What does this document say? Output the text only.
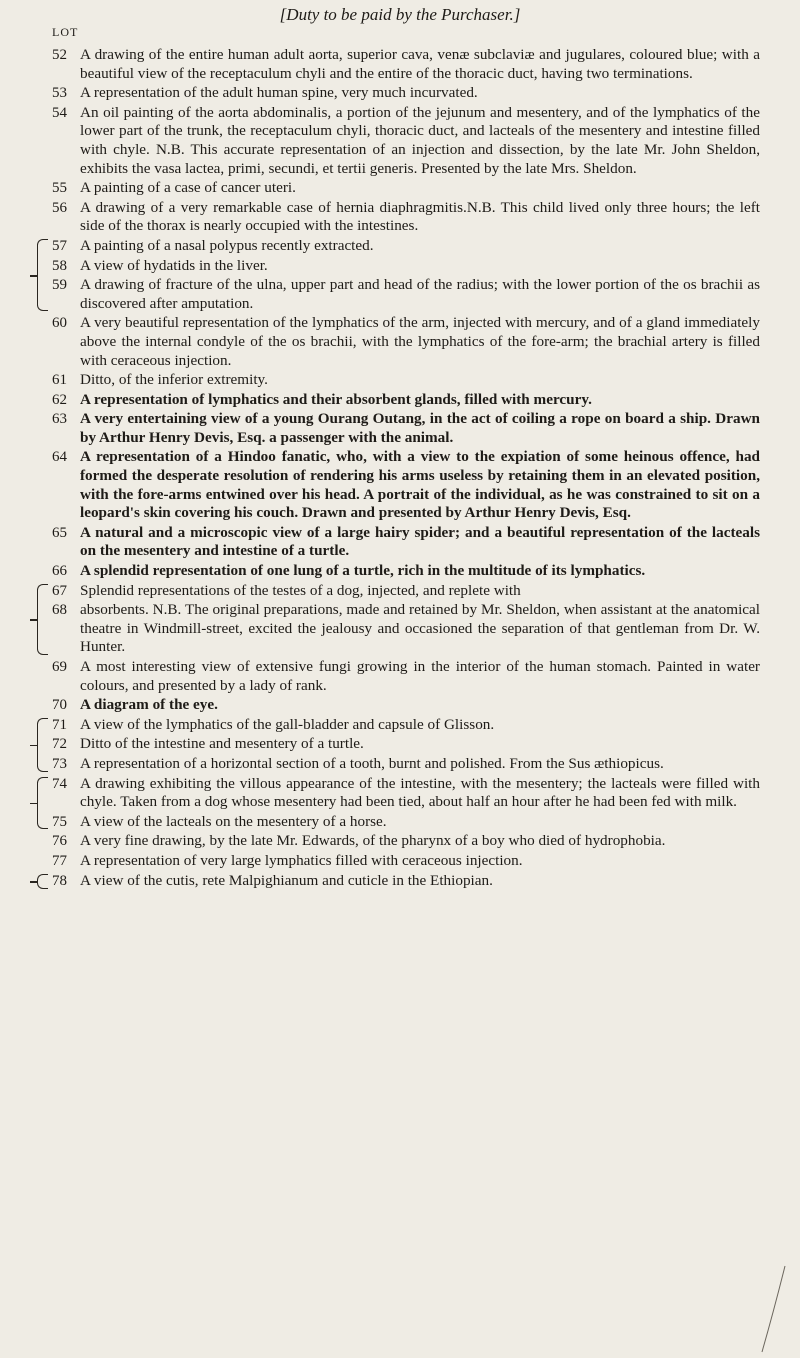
[Duty to be paid by the Purchaser.]
LOT
52 A drawing of the entire human adult aorta, superior cava, venæ subclaviæ and jugulares, coloured blue; with a beautiful view of the receptaculum chyli and the entire of the thoracic duct, having two terminations.
53 A representation of the adult human spine, very much incurvated.
54 An oil painting of the aorta abdominalis, a portion of the jejunum and mesentery, and of the lymphatics of the lower part of the trunk, the receptaculum chyli, thoracic duct, and lacteals of the mesentery and intestine filled with chyle. N.B. This accurate representation of an injection and dissection, by the late Mr. John Sheldon, exhibits the vasa lactea, primi, secundi, et tertii generis. Presented by the late Mrs. Sheldon.
55 A painting of a case of cancer uteri.
56 A drawing of a very remarkable case of hernia diaphragmitis.N.B. This child lived only three hours; the left side of the thorax is nearly occupied with the intestines.
57 A painting of a nasal polypus recently extracted.
58 A view of hydatids in the liver.
59 A drawing of fracture of the ulna, upper part and head of the radius; with the lower portion of the os brachii as discovered after amputation.
60 A very beautiful representation of the lymphatics of the arm, injected with mercury, and of a gland immediately above the internal condyle of the os brachii, with the lymphatics of the fore-arm; the brachial artery is filled with ceraceous injection.
61 Ditto, of the inferior extremity.
62 A representation of lymphatics and their absorbent glands, filled with mercury.
63 A very entertaining view of a young Ourang Outang, in the act of coiling a rope on board a ship. Drawn by Arthur Henry Devis, Esq. a passenger with the animal.
64 A representation of a Hindoo fanatic, who, with a view to the expiation of some heinous offence, had formed the desperate resolution of rendering his arms useless by retaining them in an elevated position, with the fore-arms entwined over his head. A portrait of the individual, as he was constrained to sit on a leopard's skin covering his couch. Drawn and presented by Arthur Henry Devis, Esq.
65 A natural and a microscopic view of a large hairy spider; and a beautiful representation of the lacteals on the mesentery and intestine of a turtle.
66 A splendid representation of one lung of a turtle, rich in the multitude of its lymphatics.
67 Splendid representations of the testes of a dog, injected, and replete with
68 absorbents. N.B. The original preparations, made and retained by Mr. Sheldon, when assistant at the anatomical theatre in Windmill-street, excited the jealousy and occasioned the separation of that gentleman from Dr. W. Hunter.
69 A most interesting view of extensive fungi growing in the interior of the human stomach. Painted in water colours, and presented by a lady of rank.
70 A diagram of the eye.
71 A view of the lymphatics of the gall-bladder and capsule of Glisson.
72 Ditto of the intestine and mesentery of a turtle.
73 A representation of a horizontal section of a tooth, burnt and polished. From the Sus æthiopicus.
74 A drawing exhibiting the villous appearance of the intestine, with the mesentery; the lacteals were filled with chyle. Taken from a dog whose mesentery had been tied, about half an hour after he had been fed with milk.
75 A view of the lacteals on the mesentery of a horse.
76 A very fine drawing, by the late Mr. Edwards, of the pharynx of a boy who died of hydrophobia.
77 A representation of very large lymphatics filled with ceraceous injection.
78 A view of the cutis, rete Malpighianum and cuticle in the Ethiopian.
